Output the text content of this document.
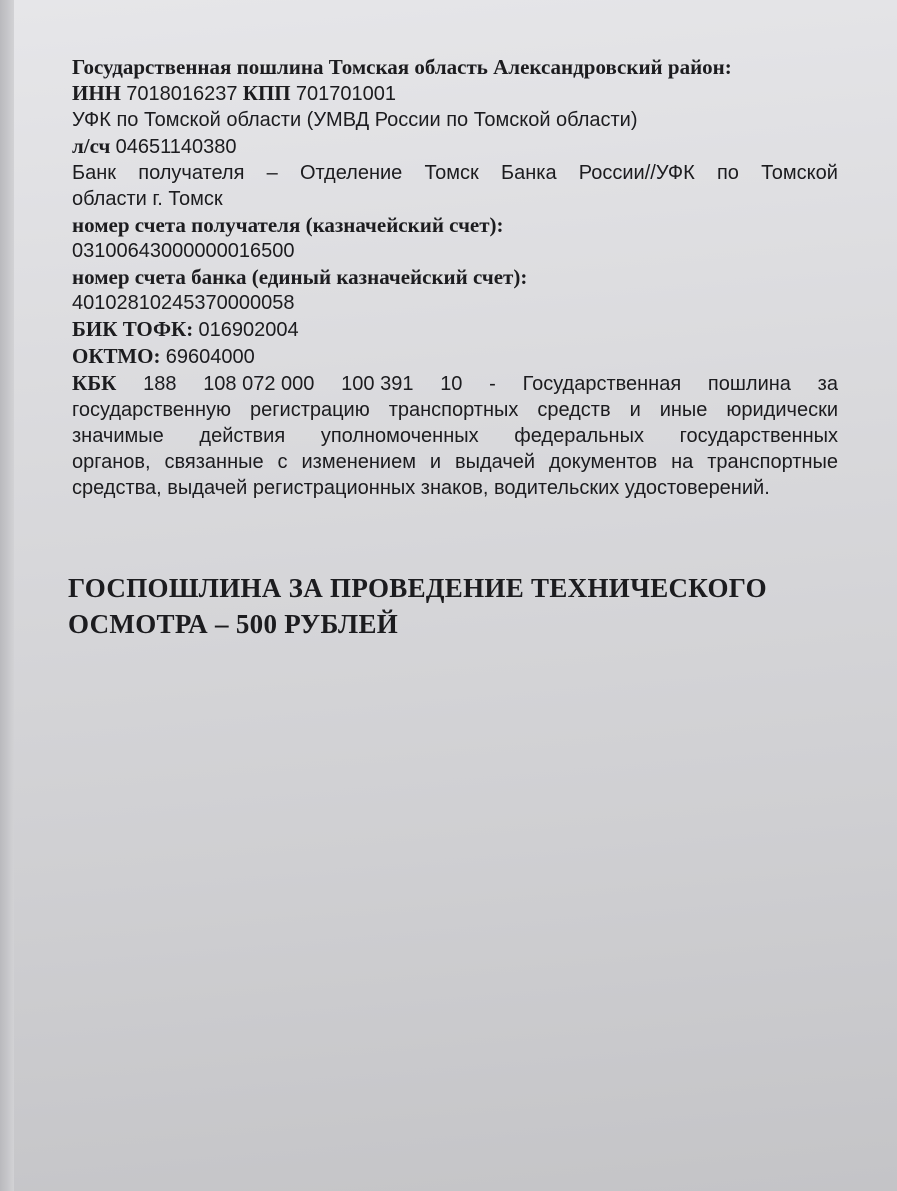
Государственная пошлина Томская область Александровский район:
ИНН 7018016237 КПП 701701001
УФК по Томской области (УМВД России по Томской области)
л/сч 04651140380
Банк получателя – Отделение Томск Банка России//УФК по Томской
области г. Томск
номер счета получателя (казначейский счет):
03100643000000016500
номер счета банка (единый казначейский счет):
40102810245370000058
БИК ТОФК: 016902004
ОКТМО: 69604000
КБК 188 108 072 000 100 391 10 - Государственная пошлина за
государственную регистрацию транспортных средств и иные юридически
значимые действия уполномоченных федеральных государственных
органов, связанные с изменением и выдачей документов на транспортные
средства, выдачей регистрационных знаков, водительских удостоверений.
ГОСПОШЛИНА ЗА ПРОВЕДЕНИЕ ТЕХНИЧЕСКОГО
ОСМОТРА – 500 РУБЛЕЙ
